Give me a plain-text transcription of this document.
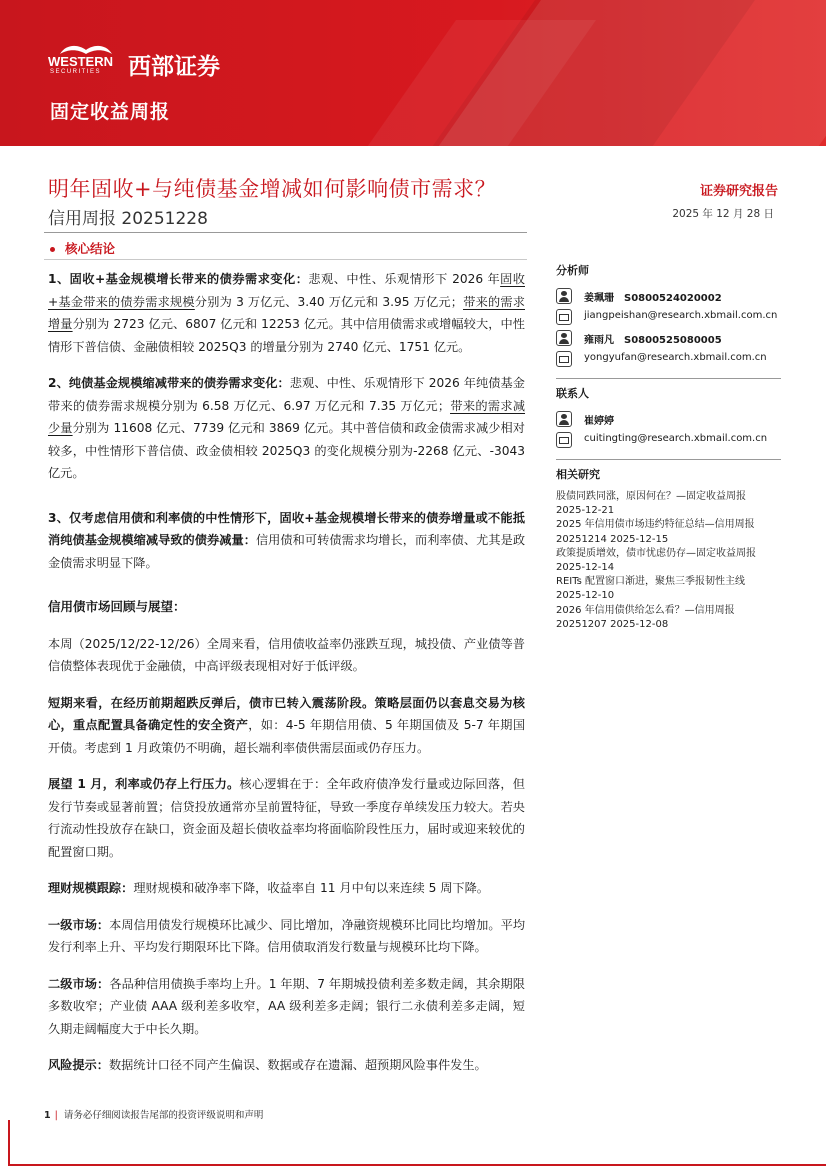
WESTERN
SECURITIES 西部证券
固定收益周报
明年固收+与纯债基金增减如何影响债市需求？
信用周报 20251228
证券研究报告
2025 年 12 月 28 日
核心结论

1、固收+基金规模增长带来的债券需求变化：悲观、中性、乐观情形下 2026 年固收+基金带来的债券需求规模分别为 3 万亿元、3.40 万亿元和 3.95 万亿元；带来的需求增量分别为 2723 亿元、6807 亿元和 12253 亿元。其中信用债需求或增幅较大，中性情形下普信债、金融债相较 2025Q3 的增量分别为 2740 亿元、1751 亿元。

2、纯债基金规模缩减带来的债券需求变化：悲观、中性、乐观情形下 2026 年纯债基金带来的债券需求规模分别为 6.58 万亿元、6.97 万亿元和 7.35 万亿元；带来的需求减少量分别为 11608 亿元、7739 亿元和 3869 亿元。其中普信债和政金债需求减少相对较多，中性情形下普信债、政金债相较 2025Q3 的变化规模分别为-2268 亿元、-3043 亿元。

3、仅考虑信用债和利率债的中性情形下，固收+基金规模增长带来的债券增量或不能抵消纯债基金规模缩减导致的债券减量：信用债和可转债需求均增长，而利率债、尤其是政金债需求明显下降。

信用债市场回顾与展望：

本周（2025/12/22-12/26）全周来看，信用债收益率仍涨跌互现，城投债、产业债等普信债整体表现优于金融债，中高评级表现相对好于低评级。

短期来看，在经历前期超跌反弹后，债市已转入震荡阶段。策略层面仍以套息交易为核心，重点配置具备确定性的安全资产，如：4-5 年期信用债、5 年期国债及 5-7 年期国开债。考虑到 1 月政策仍不明确，超长端利率债供需层面或仍存压力。

展望 1 月，利率或仍存上行压力。核心逻辑在于：全年政府债净发行量或边际回落，但发行节奏或显著前置；信贷投放通常亦呈前置特征，导致一季度存单续发压力较大。若央行流动性投放存在缺口，资金面及超长债收益率均将面临阶段性压力，届时或迎来较优的配置窗口期。

理财规模跟踪：理财规模和破净率下降，收益率自 11 月中旬以来连续 5 周下降。

一级市场：本周信用债发行规模环比减少、同比增加，净融资规模环比同比均增加。平均发行利率上升、平均发行期限环比下降。信用债取消发行数量与规模环比均下降。

二级市场：各品种信用债换手率均上升。1 年期、7 年期城投债利差多数走阔，其余期限多数收窄；产业债 AAA 级利差多收窄，AA 级利差多走阔；银行二永债利差多走阔，短久期走阔幅度大于中长久期。

风险提示：数据统计口径不同产生偏误、数据或存在遗漏、超预期风险事件发生。

分析师
姜珮珊 S0800524020002
jiangpeishan@research.xbmail.com.cn
雍雨凡 S0800525080005
yongyufan@research.xbmail.com.cn
联系人
崔婷婷
cuitingting@research.xbmail.com.cn
相关研究
股债同跌同涨，原因何在？—固定收益周报
2025-12-21
2025 年信用债市场违约特征总结—信用周报
20251214 2025-12-15
政策提质增效，债市忧虑仍存—固定收益周报
2025-12-14
REITs 配置窗口渐进，聚焦三季报韧性主线
2025-12-10
2026 年信用债供给怎么看？—信用周报
20251207 2025-12-08
1 | 请务必仔细阅读报告尾部的投资评级说明和声明
